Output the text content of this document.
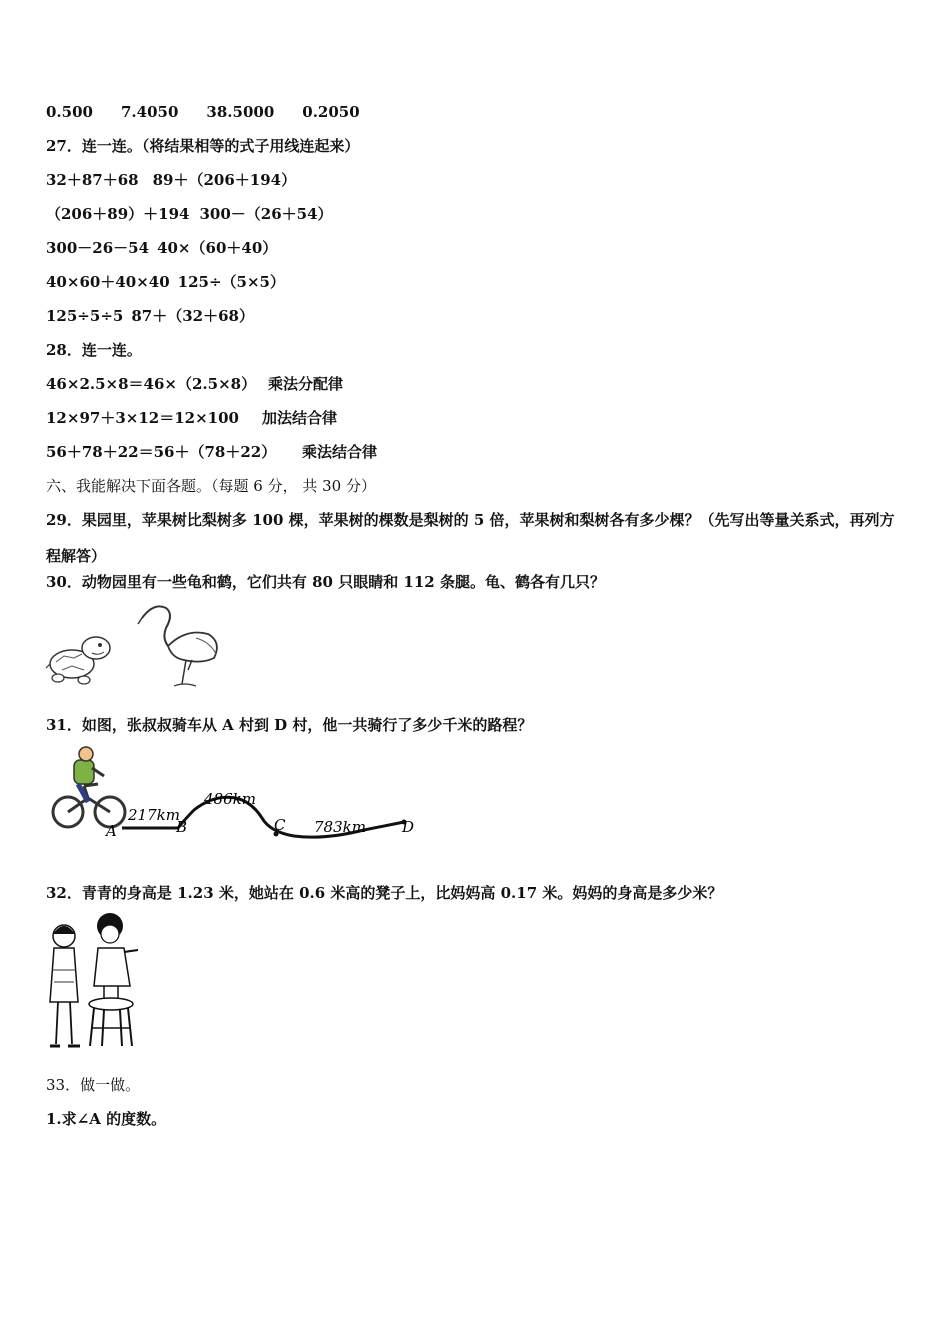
0.500 7.4050 38.5000 0.2050
27．连一连。（将结果相等的式子用线连起来）
32＋87＋68 89＋（206＋194）
（206＋89）＋194 300－（26＋54）
300－26－54 40×（60＋40）
40×60＋40×40 125÷（5×5）
125÷5÷5 87＋（32＋68）
28．连一连。
46×2.5×8＝46×（2.5×8） 乘法分配律
12×97＋3×12＝12×100 加法结合律
56＋78＋22＝56＋（78＋22） 乘法结合律
六、我能解决下面各题。（每题 6 分， 共 30 分）
29．果园里，苹果树比梨树多 100 棵，苹果树的棵数是梨树的 5 倍，苹果树和梨树各有多少棵？（先写出等量关系式，再列方程解答）
30．动物园里有一些龟和鹤，它们共有 80 只眼睛和 112 条腿。龟、鹤各有几只？
31．如图，张叔叔骑车从 A 村到 D 村，他一共骑行了多少千米的路程？
A	B	C	D
217km
486km
783km
32．青青的身高是 1.23 米，她站在 0.6 米高的凳子上，比妈妈高 0.17 米。妈妈的身高是多少米？
33．做一做。
1.求∠A 的度数。
